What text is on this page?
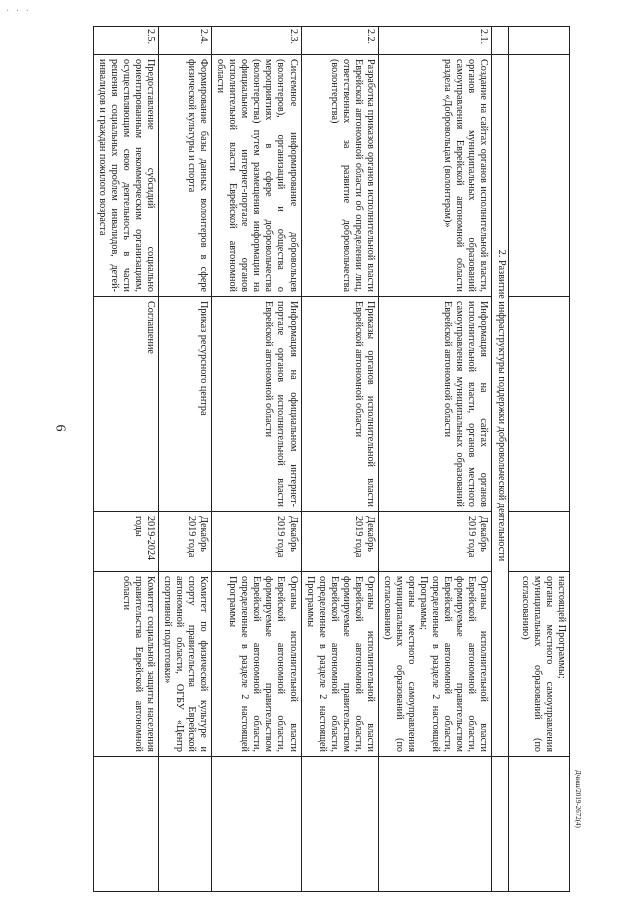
· · ·
6
				настоящей Программы;
органы местного самоуправления муниципальных образований (по согласованию)	
	2. Развитие инфраструктуры поддержки добровольческой деятельности				
2.1.	Создание на сайтах органов исполнительной власти, органов муниципальных образований самоуправления Еврейской автономной области раздела «Добровольцам (волонтерам)»	Информация на сайтах органов исполнительной власти, органов местного самоуправления муниципальных образований Еврейской автономной области	Декабрь 2019 года	Органы исполнительной власти Еврейской автономной области, формируемые правительством Еврейской автономной области, определенные в разделе 2 настоящей Программы;
органы местного самоуправления муниципальных образований (по согласованию)	
2.2.	Разработка приказов органов исполнительной власти Еврейской автономной области об определении лиц, ответственных за развитие добровольчества (волонтерства)	Приказы органов исполнительной власти Еврейской автономной области	Декабрь 2019 года	Органы исполнительной власти Еврейской автономной области, формируемые правительством Еврейской автономной области, определенные в разделе 2 настоящей Программы	
2.3.	Системное информирование добровольцев (волонтеров), организаций и общества о мероприятиях в сфере добровольчества (волонтерства) путем размещения информации на официальном интернет-портале органов исполнительной власти Еврейской автономной области	Информация на официальном интернет-портале органов исполнительной власти Еврейской автономной области	Декабрь 2019 года	Органы исполнительной власти Еврейской автономной области, формируемые правительством Еврейской автономной области, определенные в разделе 2 настоящей Программы	
2.4.	Формирование базы данных волонтеров в сфере физической культуры и спорта	Приказ ресурсного центра	Декабрь 2019 года	Комитет по физической культуре и спорту правительства Еврейской автономной области, ОГБУ «Центр спортивной подготовки»	
2.5.	Предоставление субсидий социально ориентированным некоммерческим организациям, осуществляющим свою деятельность в части решения социальных проблем инвалидов, детей-инвалидов и граждан пожилого возраста	Соглашение	2019-2024 годы	Комитет социальной защиты населения правительства Еврейской автономной области	
Дчнш/2019-2672(4)
